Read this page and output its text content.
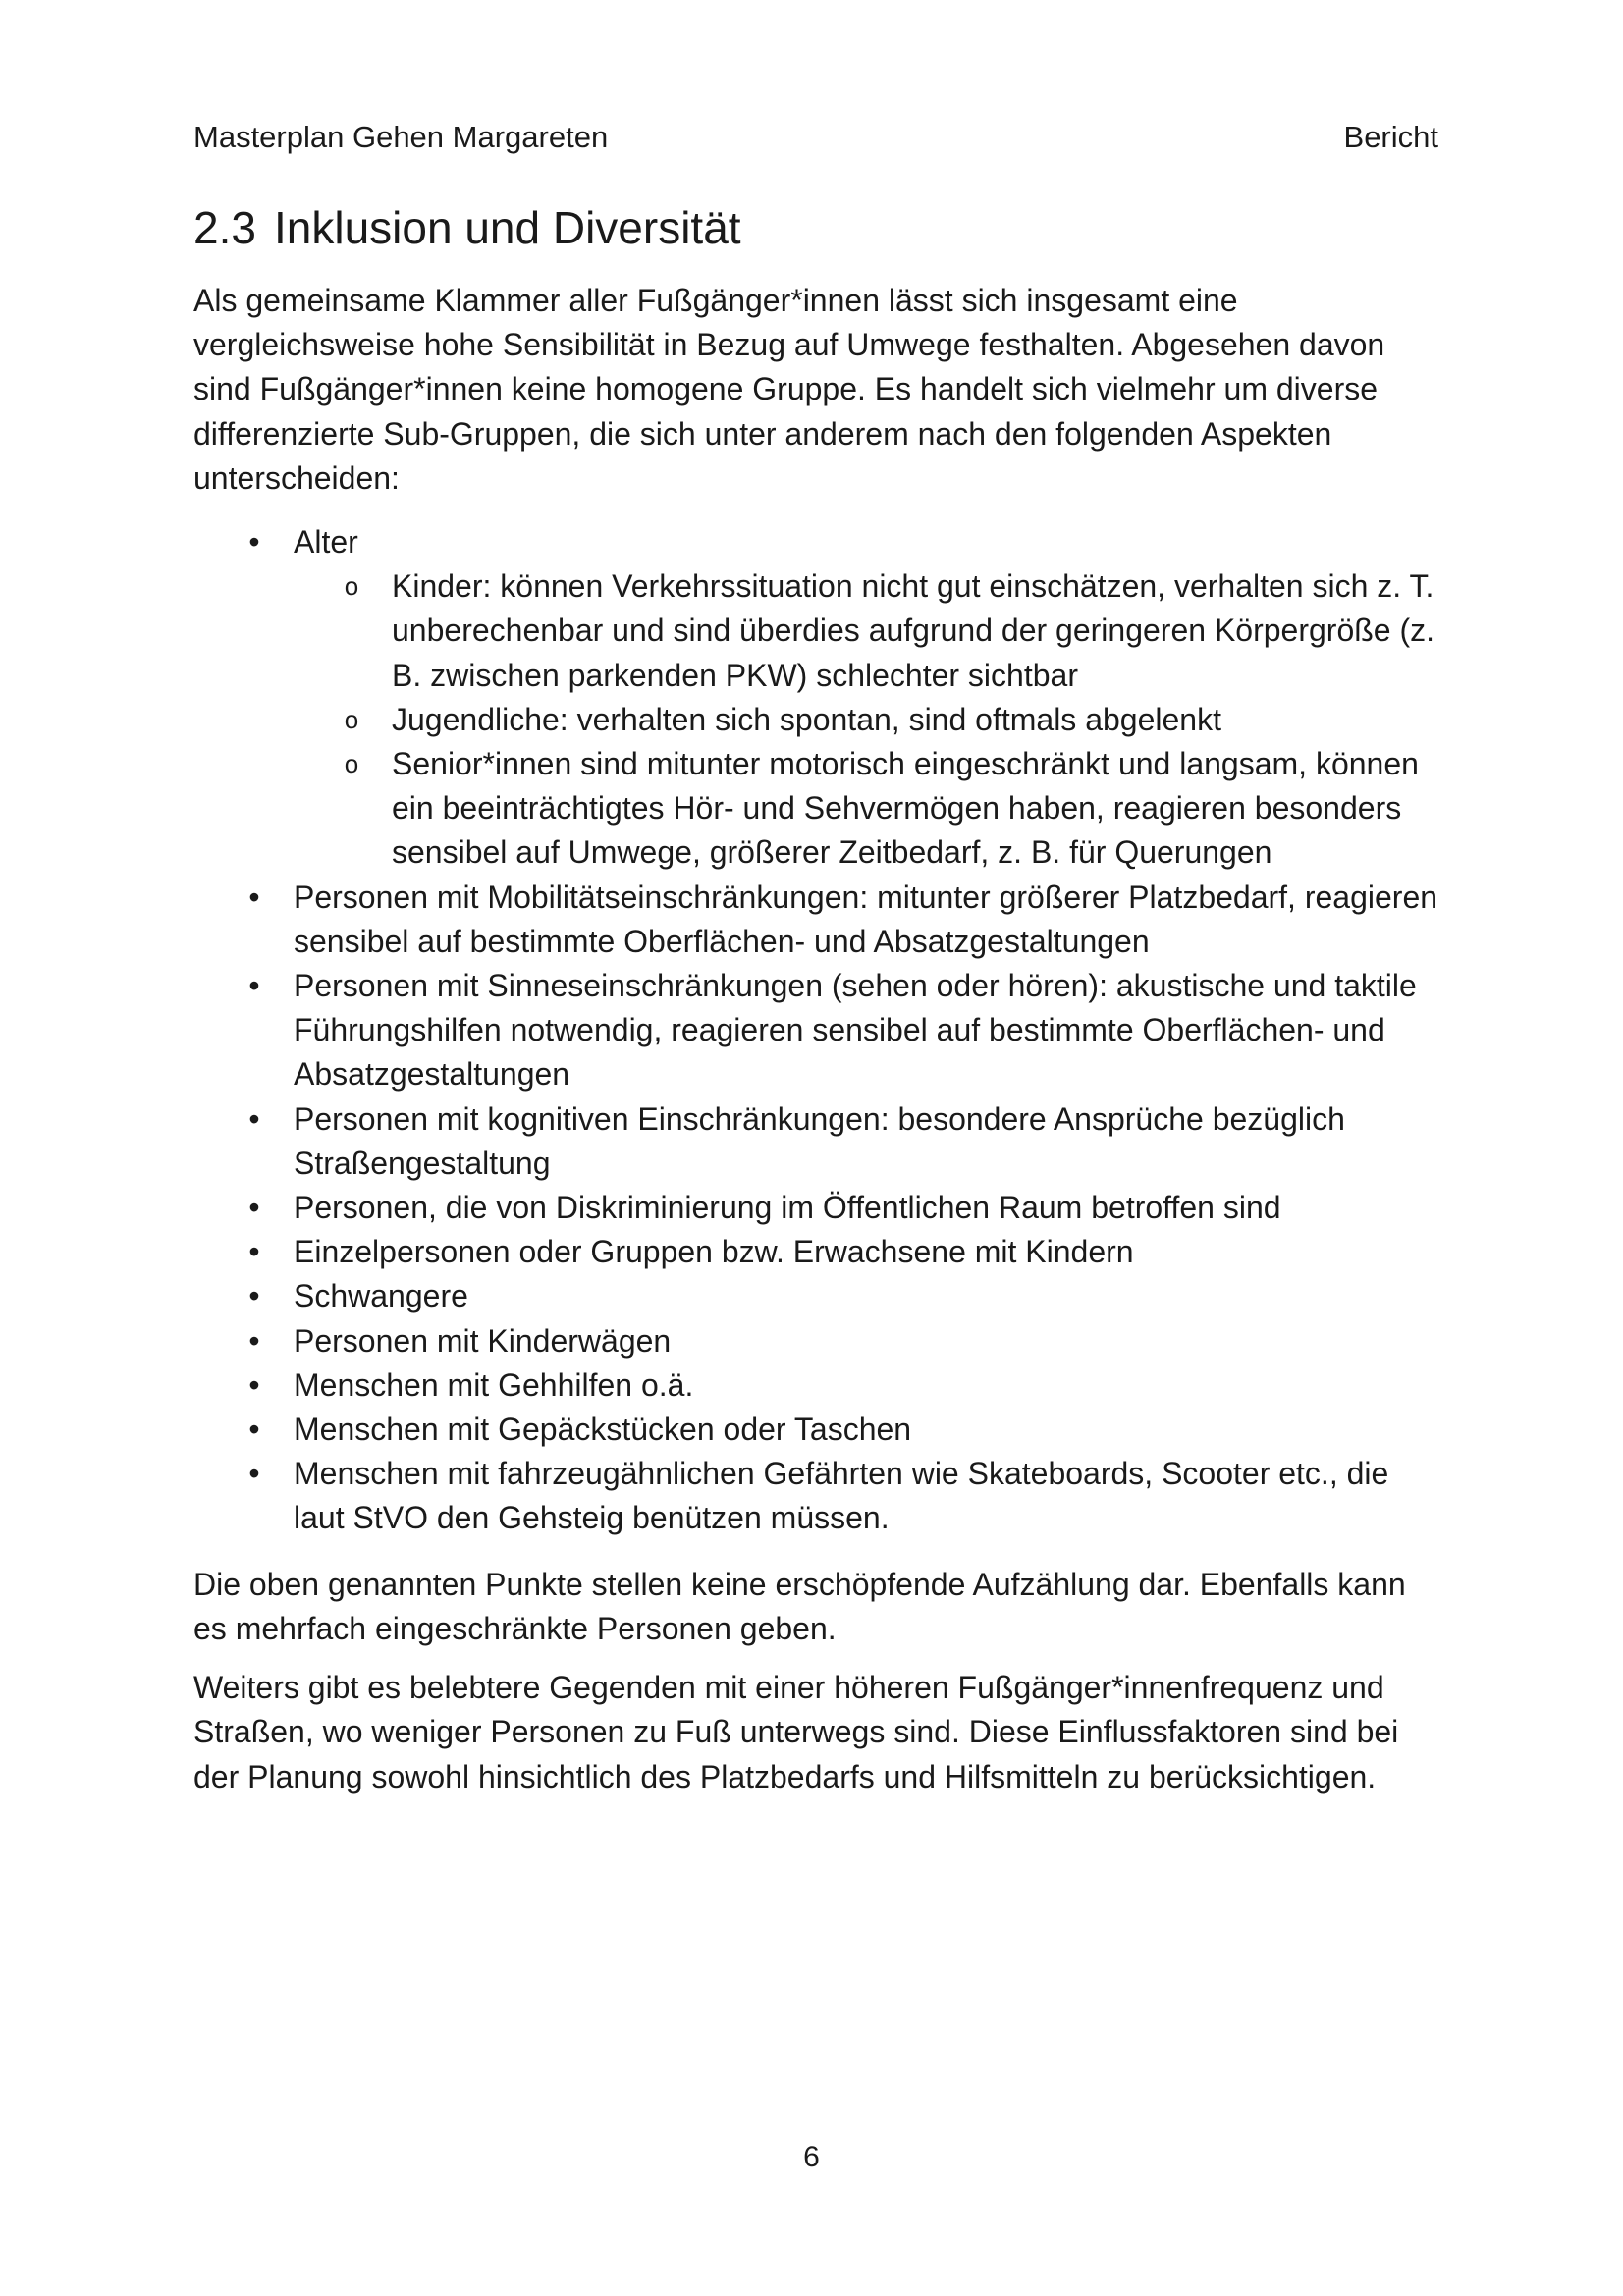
Masterplan Gehen Margareten	Bericht
2.3 Inklusion und Diversität

Als gemeinsame Klammer aller Fußgänger*innen lässt sich insgesamt eine vergleichsweise hohe Sensibilität in Bezug auf Umwege festhalten. Abgesehen davon sind Fußgänger*innen keine homogene Gruppe. Es handelt sich vielmehr um diverse differenzierte Sub-Gruppen, die sich unter anderem nach den folgenden Aspekten unterscheiden:

• Alter
o Kinder: können Verkehrssituation nicht gut einschätzen, verhalten sich z. T. unberechenbar und sind überdies aufgrund der geringeren Körpergröße (z. B. zwischen parkenden PKW) schlechter sichtbar
o Jugendliche: verhalten sich spontan, sind oftmals abgelenkt
o Senior*innen sind mitunter motorisch eingeschränkt und langsam, können ein beeinträchtigtes Hör- und Sehvermögen haben, reagieren besonders sensibel auf Umwege, größerer Zeitbedarf, z. B. für Querungen
• Personen mit Mobilitätseinschränkungen: mitunter größerer Platzbedarf, reagieren sensibel auf bestimmte Oberflächen- und Absatzgestaltungen
• Personen mit Sinneseinschränkungen (sehen oder hören): akustische und taktile Führungshilfen notwendig, reagieren sensibel auf bestimmte Oberflächen- und Absatzgestaltungen
• Personen mit kognitiven Einschränkungen: besondere Ansprüche bezüglich Straßengestaltung
• Personen, die von Diskriminierung im Öffentlichen Raum betroffen sind
• Einzelpersonen oder Gruppen bzw. Erwachsene mit Kindern
• Schwangere
• Personen mit Kinderwägen
• Menschen mit Gehhilfen o.ä.
• Menschen mit Gepäckstücken oder Taschen
• Menschen mit fahrzeugähnlichen Gefährten wie Skateboards, Scooter etc., die laut StVO den Gehsteig benützen müssen.

Die oben genannten Punkte stellen keine erschöpfende Aufzählung dar. Ebenfalls kann es mehrfach eingeschränkte Personen geben.

Weiters gibt es belebtere Gegenden mit einer höheren Fußgänger*innenfrequenz und Straßen, wo weniger Personen zu Fuß unterwegs sind. Diese Einflussfaktoren sind bei der Planung sowohl hinsichtlich des Platzbedarfs und Hilfsmitteln zu berücksichtigen.

6
